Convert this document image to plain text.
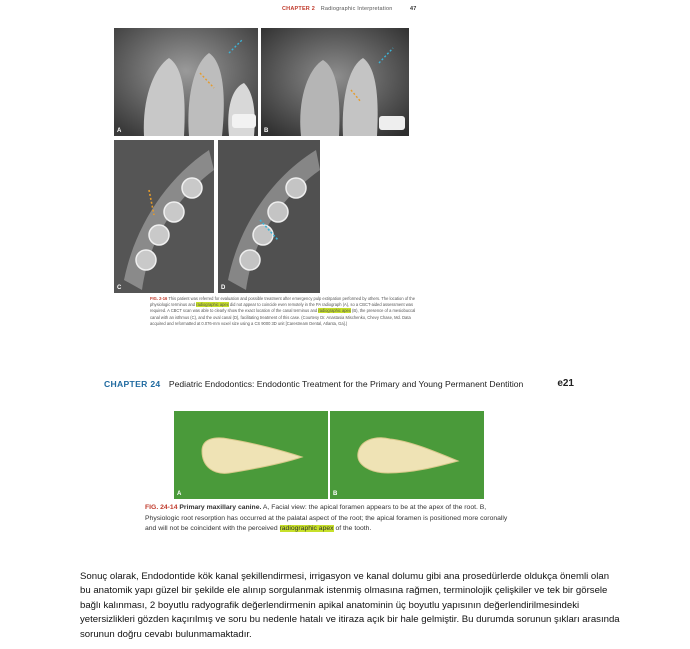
CHAPTER 2 Radiographic Interpretation	47
A	B
C	D
FIG. 2-16 This patient was referred for evaluation and possible treatment after emergency pulp extirpation performed by others. The location of the physiologic terminus and radiographic apex did not appear to coincide even remotely in the PA radiograph (A), so a CBCT-aided assessment was required. A CBCT scan was able to clearly show the exact location of the canal terminus and radiographic apex (B), the presence of a mesiobuccal canal with an isthmus (C), and the oval canal (D), facilitating treatment of this case. (Courtesy Dr. Anastasia Mischenko, Chevy Chase, Md. Data acquired and reformatted at 0.076-mm voxel size using a CS 9000 3D unit [Carestream Dental, Atlanta, Ga].)
CHAPTER 24 Pediatric Endodontics: Endodontic Treatment for the Primary and Young Permanent Dentition	e21
A	B
FIG. 24-14 Primary maxillary canine. A, Facial view: the apical foramen appears to be at the apex of the root. B, Physiologic root resorption has occurred at the palatal aspect of the root; the apical foramen is positioned more coronally and will not be coincident with the perceived radiographic apex of the tooth.
Sonuç olarak, Endodontide kök kanal şekillendirmesi, irrigasyon ve kanal dolumu gibi ana prosedürlerde oldukça önemli olan bu anatomik yapı güzel bir şekilde ele alınıp sorgulanmak istenmiş olmasına rağmen, terminolojik çelişkiler ve tek bir görsele bağlı kalınması, 2 boyutlu radyografik değerlendirmenin apikal anatominin üç boyutlu yapısının değerlendirilmesindeki yetersizlikleri gözden kaçırılmış ve soru bu nedenle hatalı ve itiraza açık bir hale gelmiştir. Bu durumda sorunun şıkları arasında sorunun doğru cevabı bulunmamaktadır.
